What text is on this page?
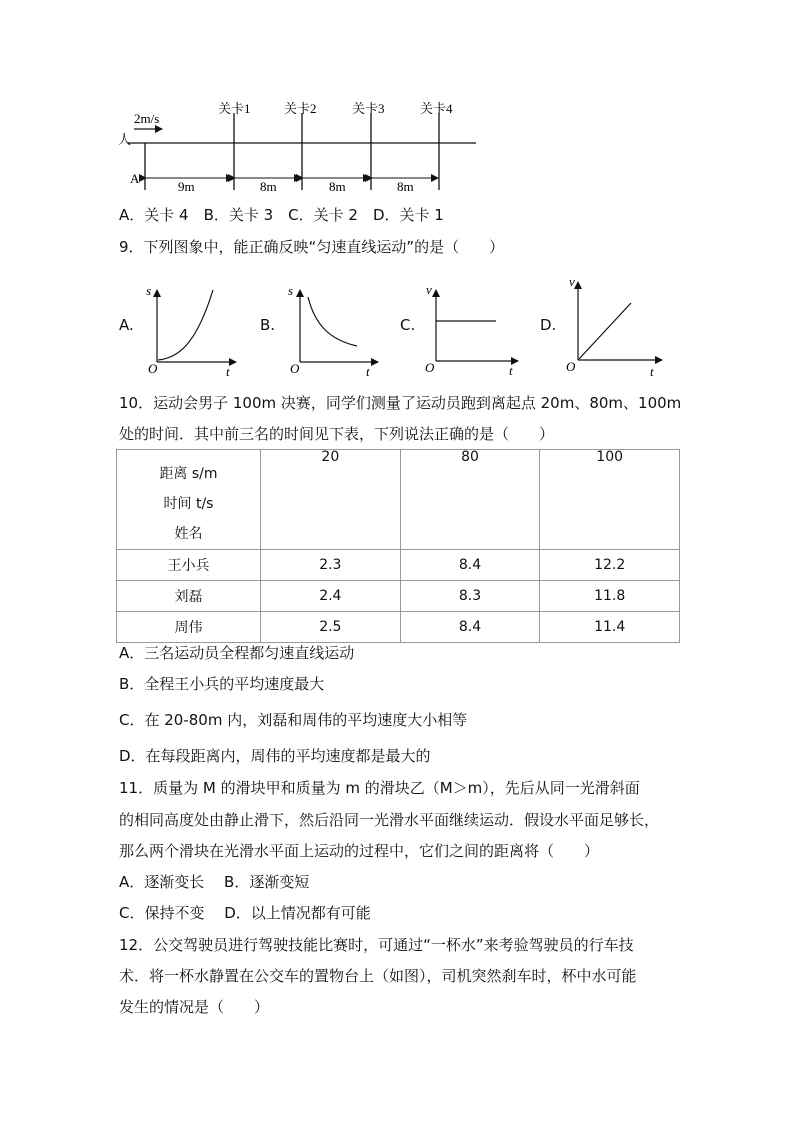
2m/s
人
A
关卡1	关卡2	关卡3	关卡4
9m	8m	8m	8m
A．关卡 4　B．关卡 3　C．关卡 2　D．关卡 1
9．下列图象中，能正确反映“匀速直线运动”的是（　　）
A.
s
O	t
B.
s
O	t
C.
v
O	t
D.
v
O	t
10．运动会男子 100m 决赛，同学们测量了运动员跑到离起点 20m、80m、100m
处的时间．其中前三名的时间见下表，下列说法正确的是（　　）
距离 s/m
时间 t/s
姓名	20	80	100
王小兵	2.3	8.4	12.2
刘磊	2.4	8.3	11.8
周伟	2.5	8.4	11.4
A．三名运动员全程都匀速直线运动
B．全程王小兵的平均速度最大
C．在 20-80m 内，刘磊和周伟的平均速度大小相等
D．在每段距离内，周伟的平均速度都是最大的
11．质量为 M 的滑块甲和质量为 m 的滑块乙（M＞m），先后从同一光滑斜面
的相同高度处由静止滑下，然后沿同一光滑水平面继续运动．假设水平面足够长，
那么两个滑块在光滑水平面上运动的过程中，它们之间的距离将（　　）
A．逐渐变长　 B．逐渐变短
C．保持不变　 D．以上情况都有可能
12．公交驾驶员进行驾驶技能比赛时，可通过“一杯水”来考验驾驶员的行车技
术．将一杯水静置在公交车的置物台上（如图），司机突然刹车时，杯中水可能
发生的情况是（　　）
